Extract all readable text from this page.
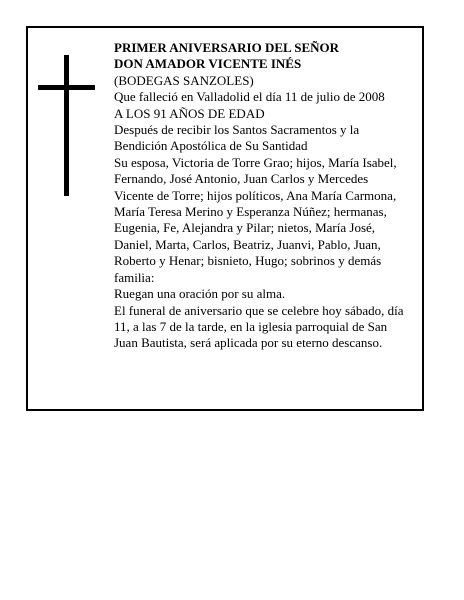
PRIMER ANIVERSARIO DEL SEÑOR
DON AMADOR VICENTE INÉS
(BODEGAS SANZOLES)
Que falleció en Valladolid el día 11 de julio de 2008
A LOS 91 AÑOS DE EDAD
Después de recibir los Santos Sacramentos y la
Bendición Apostólica de Su Santidad
Su esposa, Victoria de Torre Grao; hijos, María Isabel,
Fernando, José Antonio, Juan Carlos y Mercedes
Vicente de Torre; hijos políticos, Ana María Carmona,
María Teresa Merino y Esperanza Núñez; hermanas,
Eugenia, Fe, Alejandra y Pilar; nietos, María José,
Daniel, Marta, Carlos, Beatriz, Juanvi, Pablo, Juan,
Roberto y Henar; bisnieto, Hugo; sobrinos y demás
familia:
Ruegan una oración por su alma.
El funeral de aniversario que se celebre hoy sábado, día
11, a las 7 de la tarde, en la iglesia parroquial de San
Juan Bautista, será aplicada por su eterno descanso.
